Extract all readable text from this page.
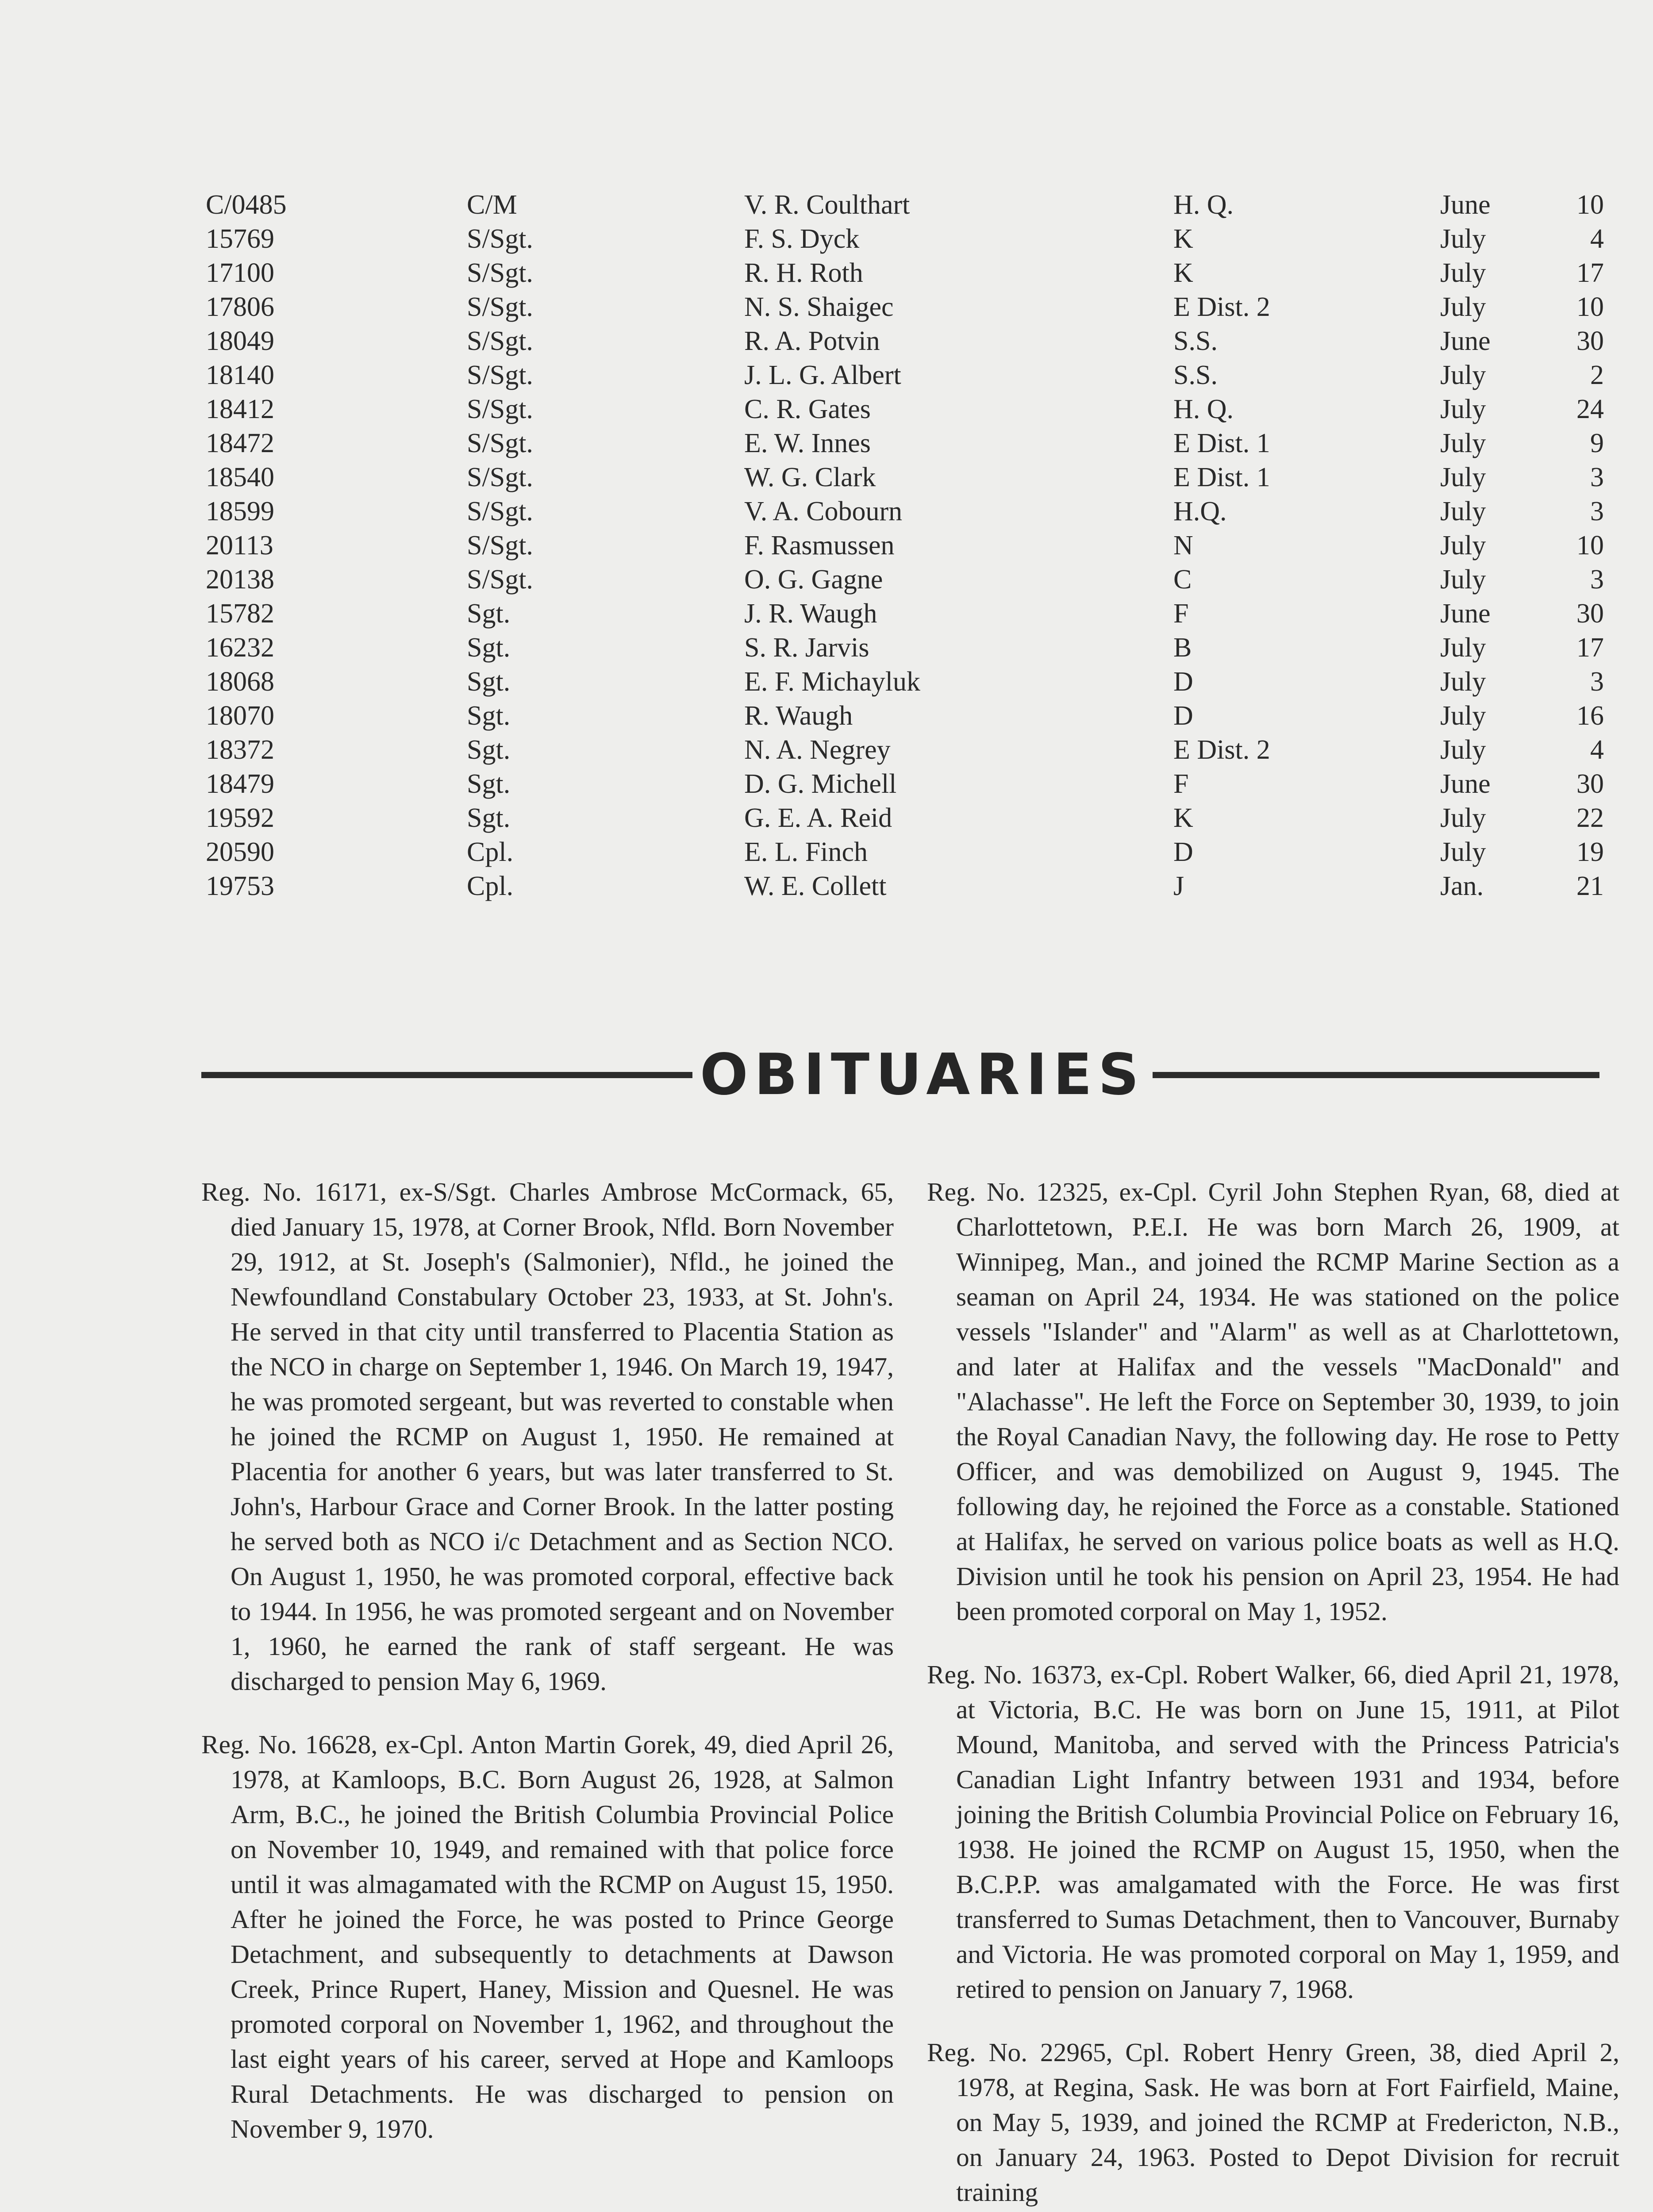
C/0485	C/M	V. R. Coulthart	H. Q.	June	10
15769	S/Sgt.	F. S. Dyck	K	July	4
17100	S/Sgt.	R. H. Roth	K	July	17
17806	S/Sgt.	N. S. Shaigec	E Dist. 2	July	10
18049	S/Sgt.	R. A. Potvin	S.S.	June	30
18140	S/Sgt.	J. L. G. Albert	S.S.	July	2
18412	S/Sgt.	C. R. Gates	H. Q.	July	24
18472	S/Sgt.	E. W. Innes	E Dist. 1	July	9
18540	S/Sgt.	W. G. Clark	E Dist. 1	July	3
18599	S/Sgt.	V. A. Cobourn	H.Q.	July	3
20113	S/Sgt.	F. Rasmussen	N	July	10
20138	S/Sgt.	O. G. Gagne	C	July	3
15782	Sgt.	J. R. Waugh	F	June	30
16232	Sgt.	S. R. Jarvis	B	July	17
18068	Sgt.	E. F. Michayluk	D	July	3
18070	Sgt.	R. Waugh	D	July	16
18372	Sgt.	N. A. Negrey	E Dist. 2	July	4
18479	Sgt.	D. G. Michell	F	June	30
19592	Sgt.	G. E. A. Reid	K	July	22
20590	Cpl.	E. L. Finch	D	July	19
19753	Cpl.	W. E. Collett	J	Jan.	21
OBITUARIES

Reg. No. 16171, ex-S/Sgt. Charles Ambrose McCormack, 65, died January 15, 1978, at Corner Brook, Nfld. Born November 29, 1912, at St. Joseph's (Salmonier), Nfld., he joined the Newfoundland Constabulary October 23, 1933, at St. John's. He served in that city until transferred to Placentia Station as the NCO in charge on September 1, 1946. On March 19, 1947, he was promoted sergeant, but was reverted to constable when he joined the RCMP on August 1, 1950. He remained at Placentia for another 6 years, but was later transferred to St. John's, Harbour Grace and Corner Brook. In the latter posting he served both as NCO i/c Detachment and as Section NCO. On August 1, 1950, he was promoted corporal, effective back to 1944. In 1956, he was promoted sergeant and on November 1, 1960, he earned the rank of staff sergeant. He was discharged to pension May 6, 1969.

Reg. No. 16628, ex-Cpl. Anton Martin Gorek, 49, died April 26, 1978, at Kamloops, B.C. Born August 26, 1928, at Salmon Arm, B.C., he joined the British Columbia Provincial Police on November 10, 1949, and remained with that police force until it was almagamated with the RCMP on August 15, 1950. After he joined the Force, he was posted to Prince George Detachment, and subsequently to detachments at Dawson Creek, Prince Rupert, Haney, Mission and Quesnel. He was promoted corporal on November 1, 1962, and throughout the last eight years of his career, served at Hope and Kamloops Rural Detachments. He was discharged to pension on November 9, 1970.

Reg. No. 12325, ex-Cpl. Cyril John Stephen Ryan, 68, died at Charlottetown, P.E.I. He was born March 26, 1909, at Winnipeg, Man., and joined the RCMP Marine Section as a seaman on April 24, 1934. He was stationed on the police vessels "Islander" and "Alarm" as well as at Charlottetown, and later at Halifax and the vessels "MacDonald" and "Alachasse". He left the Force on September 30, 1939, to join the Royal Canadian Navy, the following day. He rose to Petty Officer, and was demobilized on August 9, 1945. The following day, he rejoined the Force as a constable. Stationed at Halifax, he served on various police boats as well as H.Q. Division until he took his pension on April 23, 1954. He had been promoted corporal on May 1, 1952.

Reg. No. 16373, ex-Cpl. Robert Walker, 66, died April 21, 1978, at Victoria, B.C. He was born on June 15, 1911, at Pilot Mound, Manitoba, and served with the Princess Patricia's Canadian Light Infantry between 1931 and 1934, before joining the British Columbia Provincial Police on February 16, 1938. He joined the RCMP on August 15, 1950, when the B.C.P.P. was amalgamated with the Force. He was first transferred to Sumas Detachment, then to Vancouver, Burnaby and Victoria. He was promoted corporal on May 1, 1959, and retired to pension on January 7, 1968.

Reg. No. 22965, Cpl. Robert Henry Green, 38, died April 2, 1978, at Regina, Sask. He was born at Fort Fairfield, Maine, on May 5, 1939, and joined the RCMP at Fredericton, N.B., on January 24, 1963. Posted to Depot Division for recruit training
